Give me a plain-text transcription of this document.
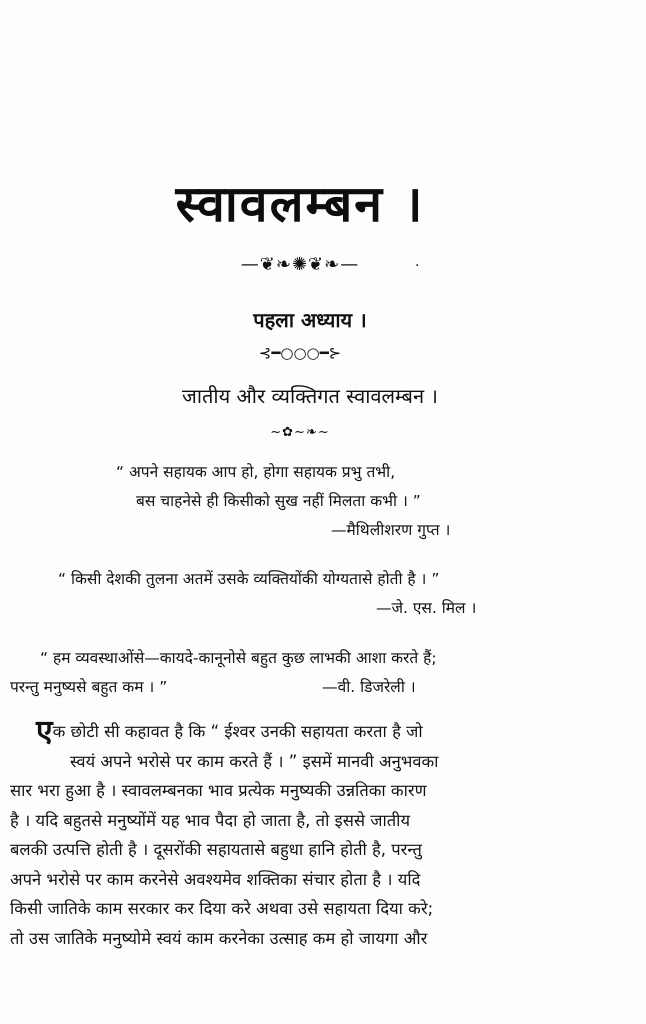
स्वावलम्बन ।
—❦❧✺❦❧—	·
पहला अध्याय ।
⊰━○○○━⊱
जातीय और व्यक्तिगत स्वावलम्बन ।
~✿~❧~
“ अपने सहायक आप हो, होगा सहायक प्रभु तभी,
बस चाहनेसे ही किसीको सुख नहीं मिलता कभी । ”
—मैथिलीशरण गुप्त ।
“ किसी देशकी तुलना अतमें उसके व्यक्तियोंकी योग्यतासे होती है । ”
—जे. एस. मिल ।
“ हम व्यवस्थाओंसे—कायदे-कानूनोसे बहुत कुछ लाभकी आशा करते हैं;
परन्तु मनुष्यसे बहुत कम । ”	—वी. डिजरेली ।
एक छोटी सी कहावत है कि “ ईश्वर उनकी सहायता करता है जो
स्वयं अपने भरोसे पर काम करते हैं । ” इसमें मानवी अनुभवका
सार भरा हुआ है । स्वावलम्बनका भाव प्रत्येक मनुष्यकी उन्नतिका कारण
है । यदि बहुतसे मनुष्योंमें यह भाव पैदा हो जाता है, तो इससे जातीय
बलकी उत्पत्ति होती है । दूसरोंकी सहायतासे बहुधा हानि होती है, परन्तु
अपने भरोसे पर काम करनेसे अवश्यमेव शक्तिका संचार होता है । यदि
किसी जातिके काम सरकार कर दिया करे अथवा उसे सहायता दिया करे;
तो उस जातिके मनुष्योमे स्वयं काम करनेका उत्साह कम हो जायगा और
